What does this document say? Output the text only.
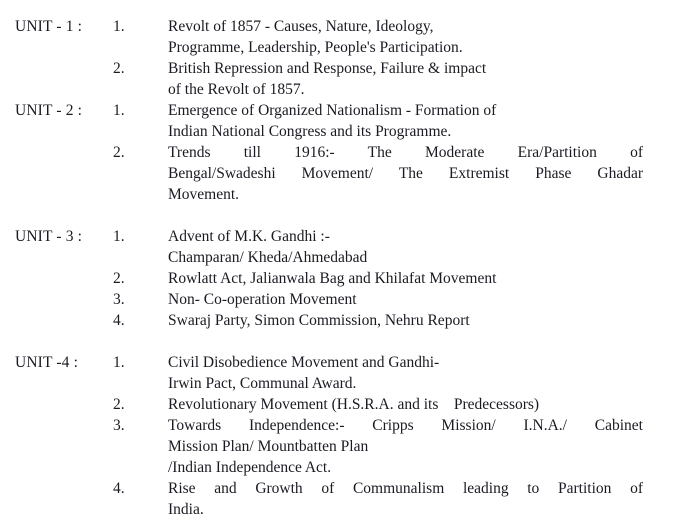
UNIT - 1 :	1.	Revolt of 1857 - Causes, Nature, Ideology,
Programme, Leadership, People's Participation.
2.	British Repression and Response, Failure & impact
of the Revolt of 1857.
UNIT - 2 :	1.	Emergence of Organized Nationalism - Formation of
Indian National Congress and its Programme.
2.	Trends till 1916:- The Moderate Era/Partition of
Bengal/Swadeshi Movement/ The Extremist Phase Ghadar
Movement.
UNIT - 3 :	1.	Advent of M.K. Gandhi :-
Champaran/ Kheda/Ahmedabad
2.	Rowlatt Act, Jalianwala Bag and Khilafat Movement
3.	Non- Co-operation Movement
4.	Swaraj Party, Simon Commission, Nehru Report
UNIT -4 :	1.	Civil Disobedience Movement and Gandhi-
Irwin Pact, Communal Award.
2.	Revolutionary Movement (H.S.R.A. and its    Predecessors)
3.	Towards Independence:- Cripps Mission/ I.N.A./ Cabinet
Mission Plan/ Mountbatten Plan
/Indian Independence Act.
4.	Rise and Growth of Communalism leading to Partition of
India.
